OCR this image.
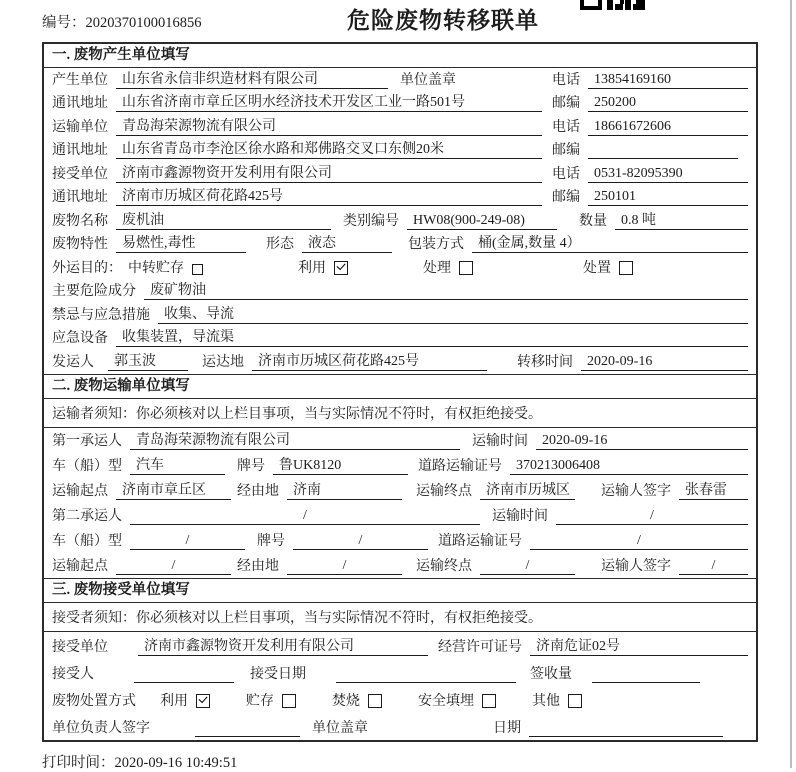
编号：2020370100016856	危险废物转移联单
一. 废物产生单位填写
产生单位	山东省永信非织造材料有限公司	单位盖章	电话	13854169160
通讯地址	山东省济南市章丘区明水经济技术开发区工业一路501号	邮编	250200
运输单位	青岛海荣源物流有限公司	电话	18661672606
通讯地址	山东省青岛市李沧区徐水路和郑佛路交叉口东侧20米	邮编
接受单位	济南市鑫源物资开发利用有限公司	电话	0531-82095390
通讯地址	济南市历城区荷花路425号	邮编	250101
废物名称	废机油	类别编号	HW08(900-249-08)	数量	0.8 吨
废物特性	易燃性,毒性	形态	液态	包装方式	桶(金属,数量 4）
外运目的： 中转贮存	利用	处理	处置
主要危险成分	废矿物油
禁忌与应急措施	收集、导流
应急设备	收集装置，导流渠
发运人	郭玉波	运达地	济南市历城区荷花路425号	转移时间	2020-09-16
二. 废物运输单位填写
运输者须知：你必须核对以上栏目事项，当与实际情况不符时，有权拒绝接受。
第一承运人	青岛海荣源物流有限公司	运输时间	2020-09-16
车（船）型	汽车	牌号	鲁UK8120	道路运输证号	370213006408
运输起点	济南市章丘区	经由地	济南	运输终点	济南市历城区	运输人签字	张春雷
第二承运人	/	运输时间	/
车（船）型	/	牌号	/	道路运输证号	/
运输起点	/	经由地	/	运输终点	/	运输人签字	/
三. 废物接受单位填写
接受者须知：你必须核对以上栏目事项，当与实际情况不符时，有权拒绝接受。
接受单位	济南市鑫源物资开发利用有限公司	经营许可证号	济南危证02号
接受人	接受日期	签收量
废物处置方式 利用	贮存	焚烧	安全填埋	其他
单位负责人签字	单位盖章	日期
打印时间：2020-09-16 10:49:51
